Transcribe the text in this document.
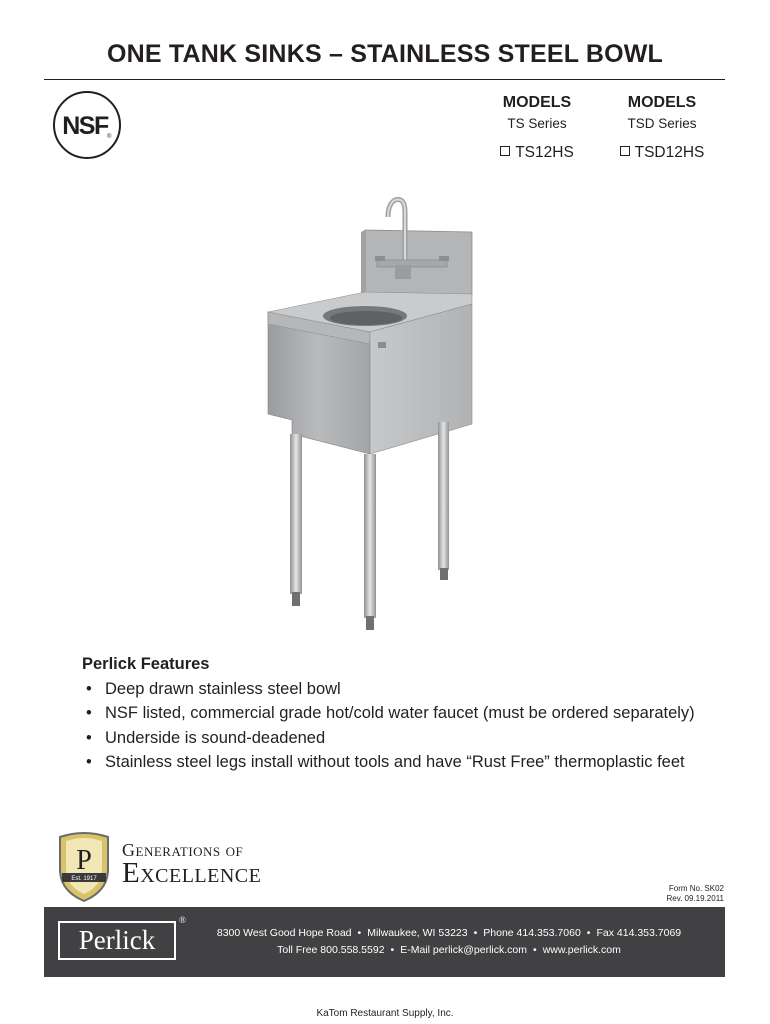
ONE TANK SINKS – STAINLESS STEEL BOWL
NSF ®
MODELS
TS Series
TS12HS
MODELS
TSD Series
TSD12HS
Perlick Features
• Deep drawn stainless steel bowl
• NSF listed, commercial grade hot/cold water faucet (must be ordered separately)
• Underside is sound-deadened
• Stainless steel legs install without tools and have “Rust Free” thermoplastic feet
P
Est. 1917
Generations of
Excellence	Form No. SK02
Rev. 09.19.2011
Perlick
®
8300 West Good Hope Road • Milwaukee, WI 53223 • Phone 414.353.7060 • Fax 414.353.7069
Toll Free 800.558.5592 • E-Mail perlick@perlick.com • www.perlick.com
KaTom Restaurant Supply, Inc.
